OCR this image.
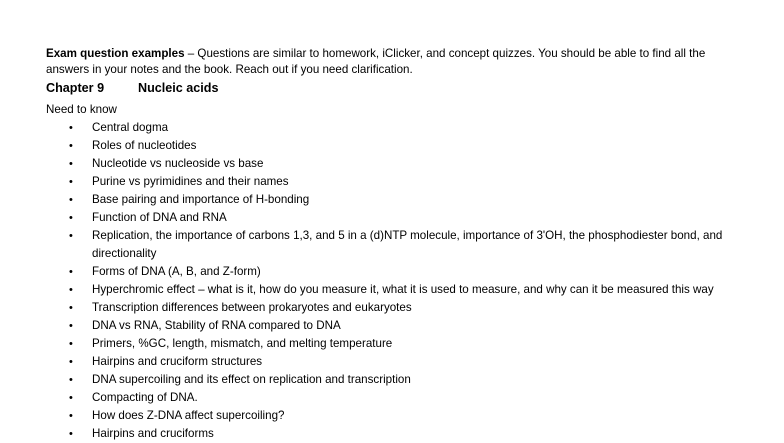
Exam question examples – Questions are similar to homework, iClicker, and concept quizzes. You should be able to find all the answers in your notes and the book. Reach out if you need clarification.

Chapter 9	Nucleic acids
Need to know
• Central dogma
• Roles of nucleotides
• Nucleotide vs nucleoside vs base
• Purine vs pyrimidines and their names
• Base pairing and importance of H-bonding
• Function of DNA and RNA
• Replication, the importance of carbons 1,3, and 5 in a (d)NTP molecule, importance of 3'OH, the phosphodiester bond, and directionality
• Forms of DNA (A, B, and Z-form)
• Hyperchromic effect – what is it, how do you measure it, what it is used to measure, and why can it be measured this way
• Transcription differences between prokaryotes and eukaryotes
• DNA vs RNA, Stability of RNA compared to DNA
• Primers, %GC, length, mismatch, and melting temperature
• Hairpins and cruciform structures
• DNA supercoiling and its effect on replication and transcription
• Compacting of DNA.
• How does Z-DNA affect supercoiling?
• Hairpins and cruciforms
